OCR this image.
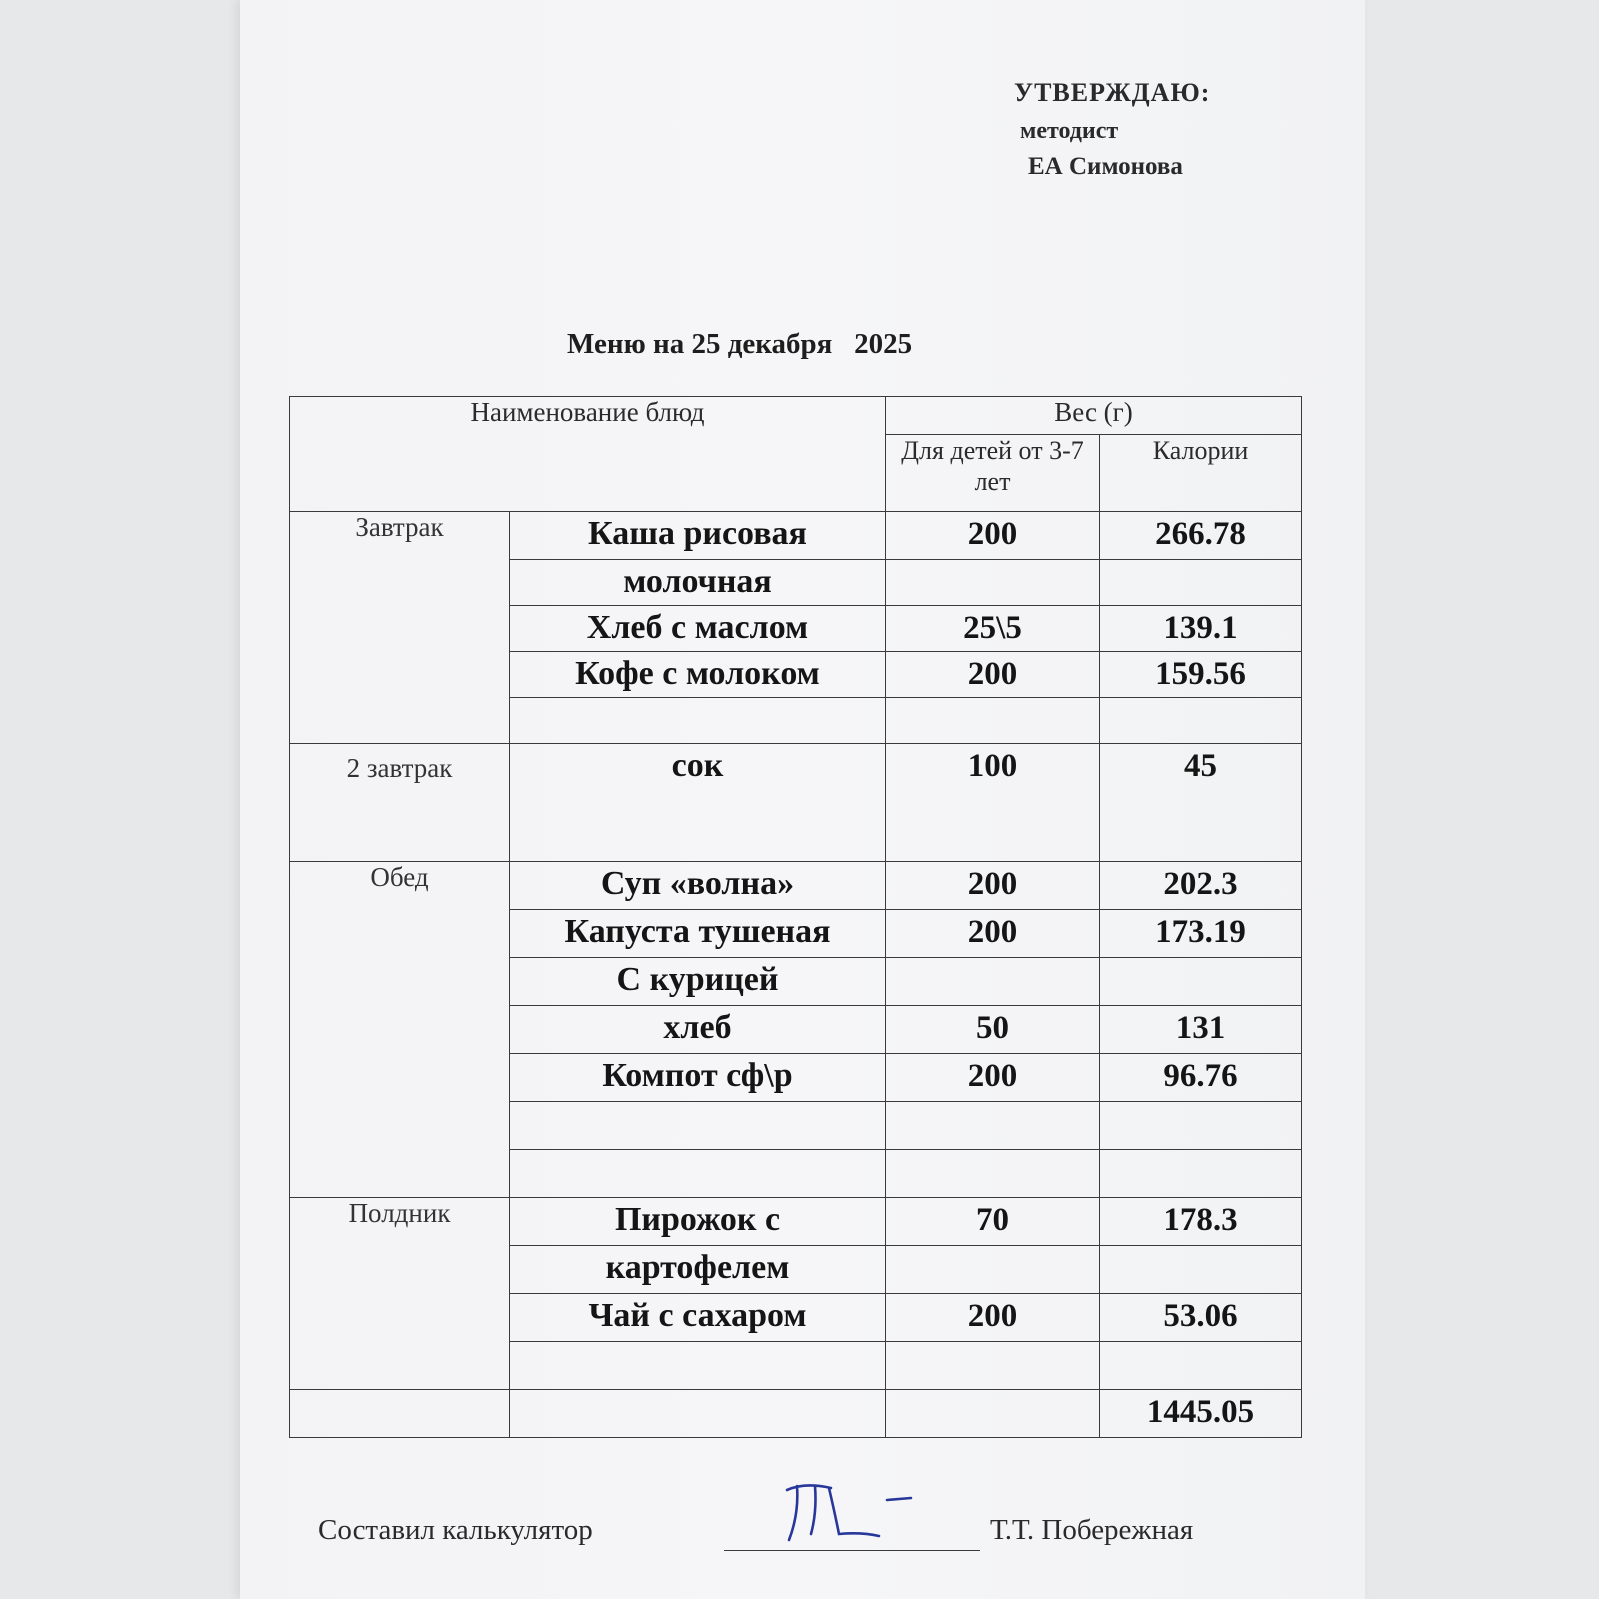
УТВЕРЖДАЮ:
методист
ЕА Симонова
Меню на 25 декабря   2025
Наименование блюд		Вес (г)	
		Для детей от 3-7 лет	Калории
Завтрак	Каша рисовая	200	266.78
	молочная		
	Хлеб с маслом	25\5	139.1
	Кофе с молоком	200	159.56

2 завтрак	сок	100	45
Обед	Суп «волна»	200	202.3
	Капуста тушеная	200	173.19
	С курицей		
	хлеб	50	131
	Компот сф\р	200	96.76

Полдник	Пирожок с	70	178.3
	картофелем		
	Чай с сахаром	200	53.06

			1445.05
Составил калькулятор	Т.Т. Побережная
